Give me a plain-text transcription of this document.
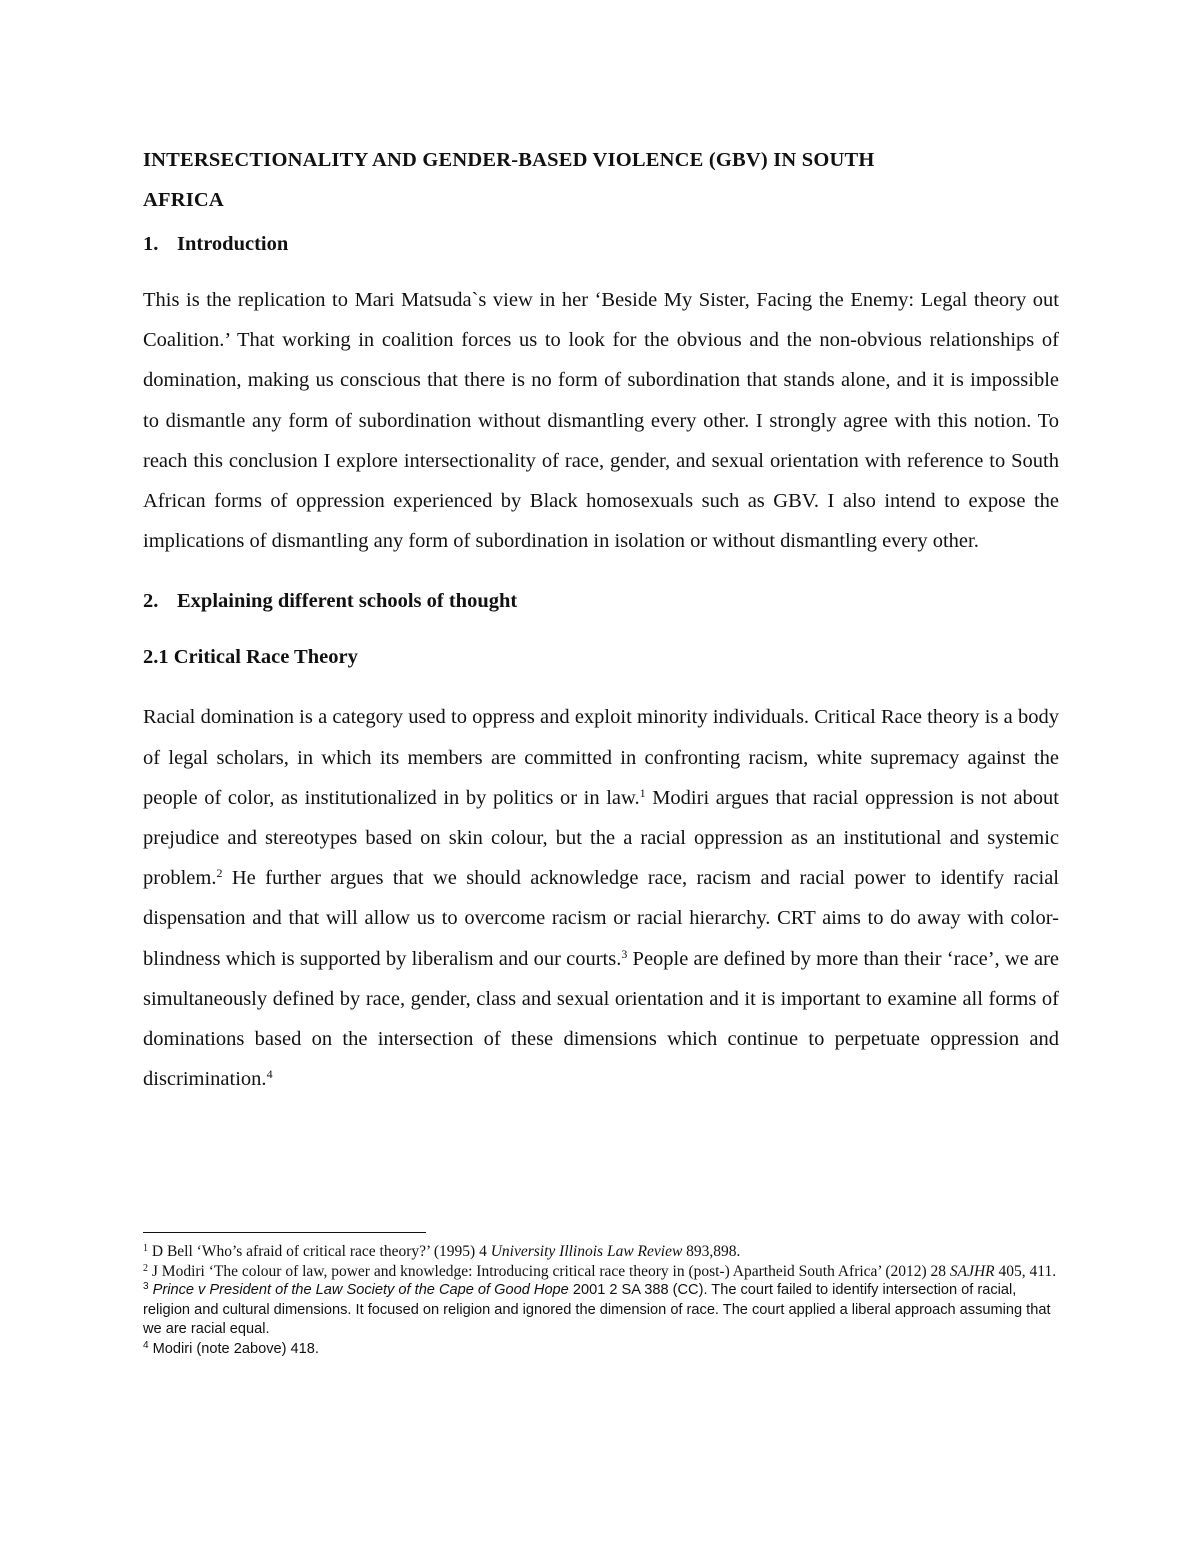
INTERSECTIONALITY AND GENDER-BASED VIOLENCE (GBV) IN SOUTH
AFRICA
1. Introduction

This is the replication to Mari Matsuda`s view in her ‘Beside My Sister, Facing the Enemy: Legal theory out Coalition.’ That working in coalition forces us to look for the obvious and the non-obvious relationships of domination, making us conscious that there is no form of subordination that stands alone, and it is impossible to dismantle any form of subordination without dismantling every other. I strongly agree with this notion. To reach this conclusion I explore intersectionality of race, gender, and sexual orientation with reference to South African forms of oppression experienced by Black homosexuals such as GBV. I also intend to expose the implications of dismantling any form of subordination in isolation or without dismantling every other.

2. Explaining different schools of thought
2.1 Critical Race Theory

Racial domination is a category used to oppress and exploit minority individuals. Critical Race theory is a body of legal scholars, in which its members are committed in confronting racism, white supremacy against the people of color, as institutionalized in by politics or in law.$^1$ Modiri argues that racial oppression is not about prejudice and stereotypes based on skin colour, but the a racial oppression as an institutional and systemic problem.$^2$ He further argues that we should acknowledge race, racism and racial power to identify racial dispensation and that will allow us to overcome racism or racial hierarchy. CRT aims to do away with color-blindness which is supported by liberalism and our courts.$^3$ People are defined by more than their ‘race’, we are simultaneously defined by race, gender, class and sexual orientation and it is important to examine all forms of dominations based on the intersection of these dimensions which continue to perpetuate oppression and discrimination.$^4$

$^1$ D Bell ‘Who’s afraid of critical race theory?’ (1995) 4 University Illinois Law Review 893,898.

$^2$ J Modiri ‘The colour of law, power and knowledge: Introducing critical race theory in (post-) Apartheid South Africa’ (2012) 28 SAJHR 405, 411.

$^3$ Prince v President of the Law Society of the Cape of Good Hope 2001 2 SA 388 (CC). The court failed to identify intersection of racial, religion and cultural dimensions. It focused on religion and ignored the dimension of race. The court applied a liberal approach assuming that we are racial equal.

$^4$ Modiri (note 2above) 418.
